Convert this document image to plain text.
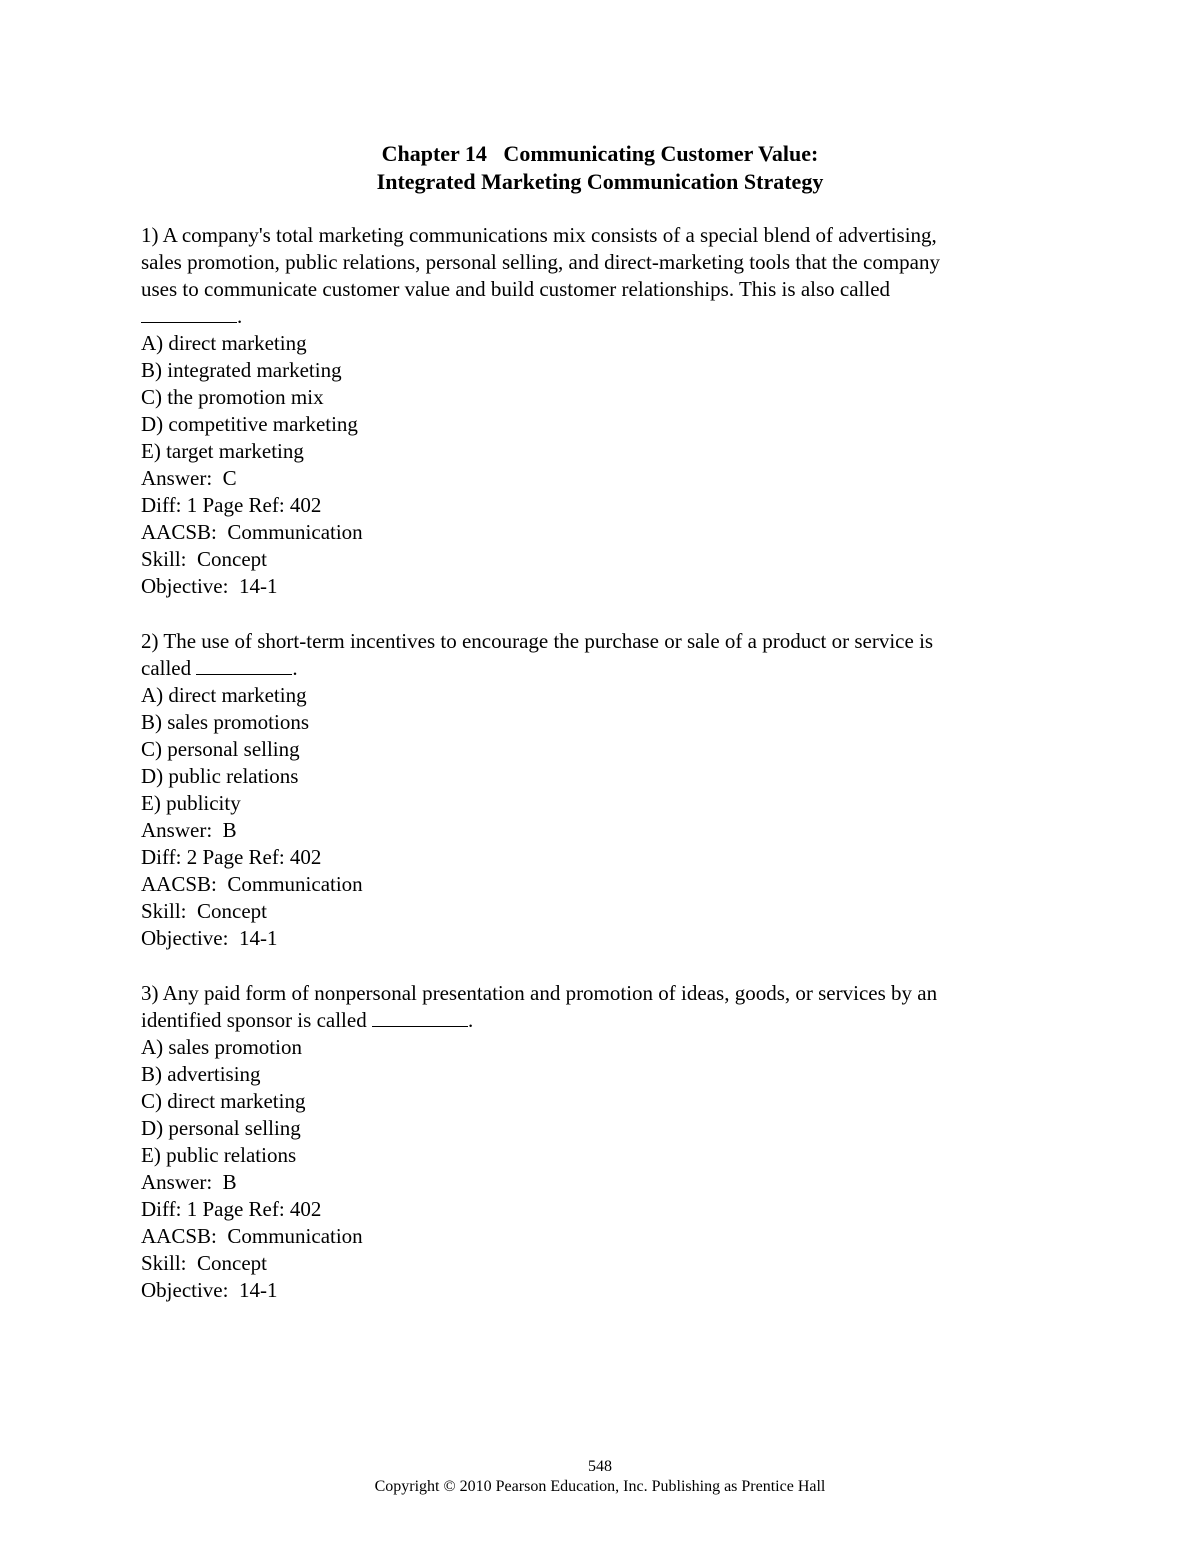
Chapter 14   Communicating Customer Value:
Integrated Marketing Communication Strategy
1) A company's total marketing communications mix consists of a special blend of advertising,
sales promotion, public relations, personal selling, and direct-marketing tools that the company
uses to communicate customer value and build customer relationships. This is also called
.
A) direct marketing
B) integrated marketing
C) the promotion mix
D) competitive marketing
E) target marketing
Answer:  C
Diff: 1 Page Ref: 402
AACSB:  Communication
Skill:  Concept
Objective:  14-1
2) The use of short-term incentives to encourage the purchase or sale of a product or service is
called	.
A) direct marketing
B) sales promotions
C) personal selling
D) public relations
E) publicity
Answer:  B
Diff: 2 Page Ref: 402
AACSB:  Communication
Skill:  Concept
Objective:  14-1
3) Any paid form of nonpersonal presentation and promotion of ideas, goods, or services by an
identified sponsor is called	.
A) sales promotion
B) advertising
C) direct marketing
D) personal selling
E) public relations
Answer:  B
Diff: 1 Page Ref: 402
AACSB:  Communication
Skill:  Concept
Objective:  14-1
548
Copyright © 2010 Pearson Education, Inc. Publishing as Prentice Hall
